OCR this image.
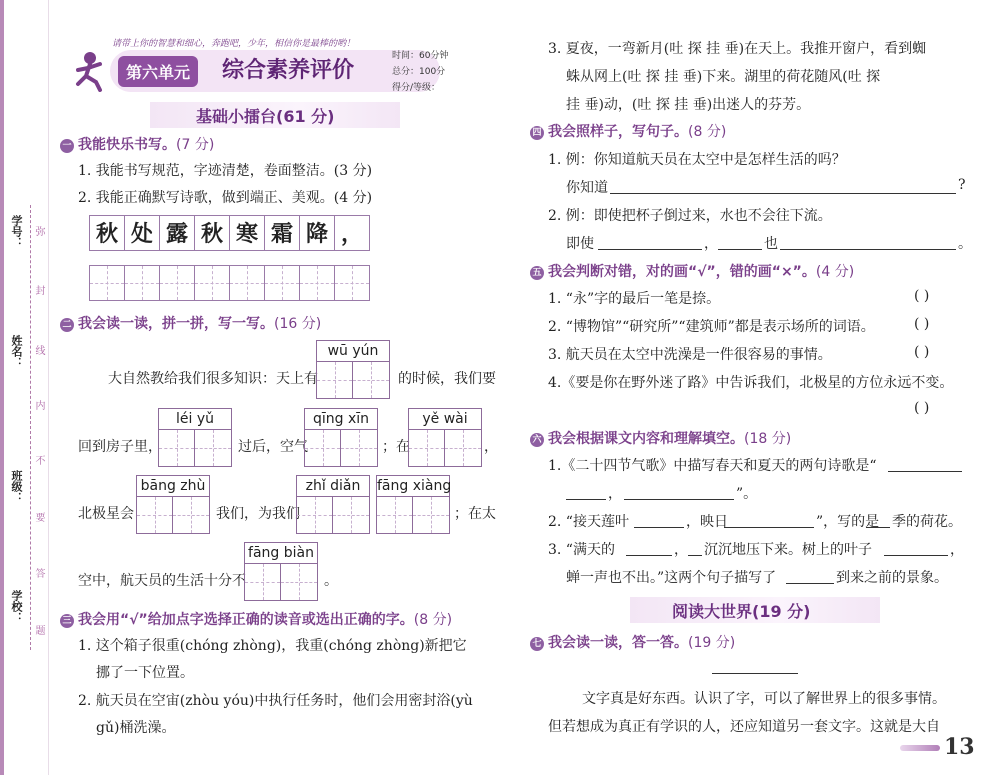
学号：
姓名：
班级：
学校：
弥
封
线
内
不
要
答
题
请带上你的智慧和细心，奔跑吧，少年，相信你是最棒的哟！
第六单元	综合素养评价
时间：60分钟
总分：100分
得分/等级：
基础小擂台(61 分)
一 我能快乐书写。(7 分)
1. 我能书写规范，字迹清楚，卷面整洁。(3 分)
2. 我能正确默写诗歌，做到端正、美观。(4 分)
秋 处 露 秋 寒 霜 降 ，
二 我会读一读，拼一拼，写一写。(16 分)
大自然教给我们很多知识：天上有
wū yún
的时候，我们要
回到房子里，
léi yǔ
过后，空气
qīng xīn
；在
yě wài
，
北极星会
bāng zhù
我们，为我们
zhǐ diǎn	fāng xiàng
；在太
空中，航天员的生活十分不
fāng biàn
。
三 我会用“√”给加点字选择正确的读音或选出正确的字。(8 分)
1. 这个箱子很重(chóng zhòng)，我重(chóng zhòng)新把它
挪了一下位置。
2. 航天员在空宙(zhòu yóu)中执行任务时，他们会用密封浴(yù
gǔ)桶洗澡。
3. 夏夜，一弯新月(吐 探 挂 垂)在天上。我推开窗户，看到蜘
蛛从网上(吐 探 挂 垂)下来。湖里的荷花随风(吐 探
挂 垂)动，(吐 探 挂 垂)出迷人的芬芳。
四 我会照样子，写句子。(8 分)
1. 例：你知道航天员在太空中是怎样生活的吗？
你知道	?
2. 例：即使把杯子倒过来，水也不会往下流。
即使	，	也	。
五 我会判断对错，对的画“√”，错的画“×”。(4 分)
1. “永”字的最后一笔是捺。	( )
2. “博物馆”“研究所”“建筑师”都是表示场所的词语。	( )
3. 航天员在太空中洗澡是一件很容易的事情。	( )
4.《要是你在野外迷了路》中告诉我们，北极星的方位永远不变。
( )
六 我会根据课文内容和理解填空。(18 分)
1.《二十四节气歌》中描写春天和夏天的两句诗歌是“
，	”。
2. “接天莲叶	，映日	”，写的是 季的荷花。
3. “满天的	， 沉沉地压下来。树上的叶子	，
蝉一声也不出。”这两个句子描写了	到来之前的景象。
阅读大世界(19 分)
七 我会读一读，答一答。(19 分)
文字真是好东西。认识了字，可以了解世界上的很多事情。
但若想成为真正有学识的人，还应知道另一套文字。这就是大自
13
